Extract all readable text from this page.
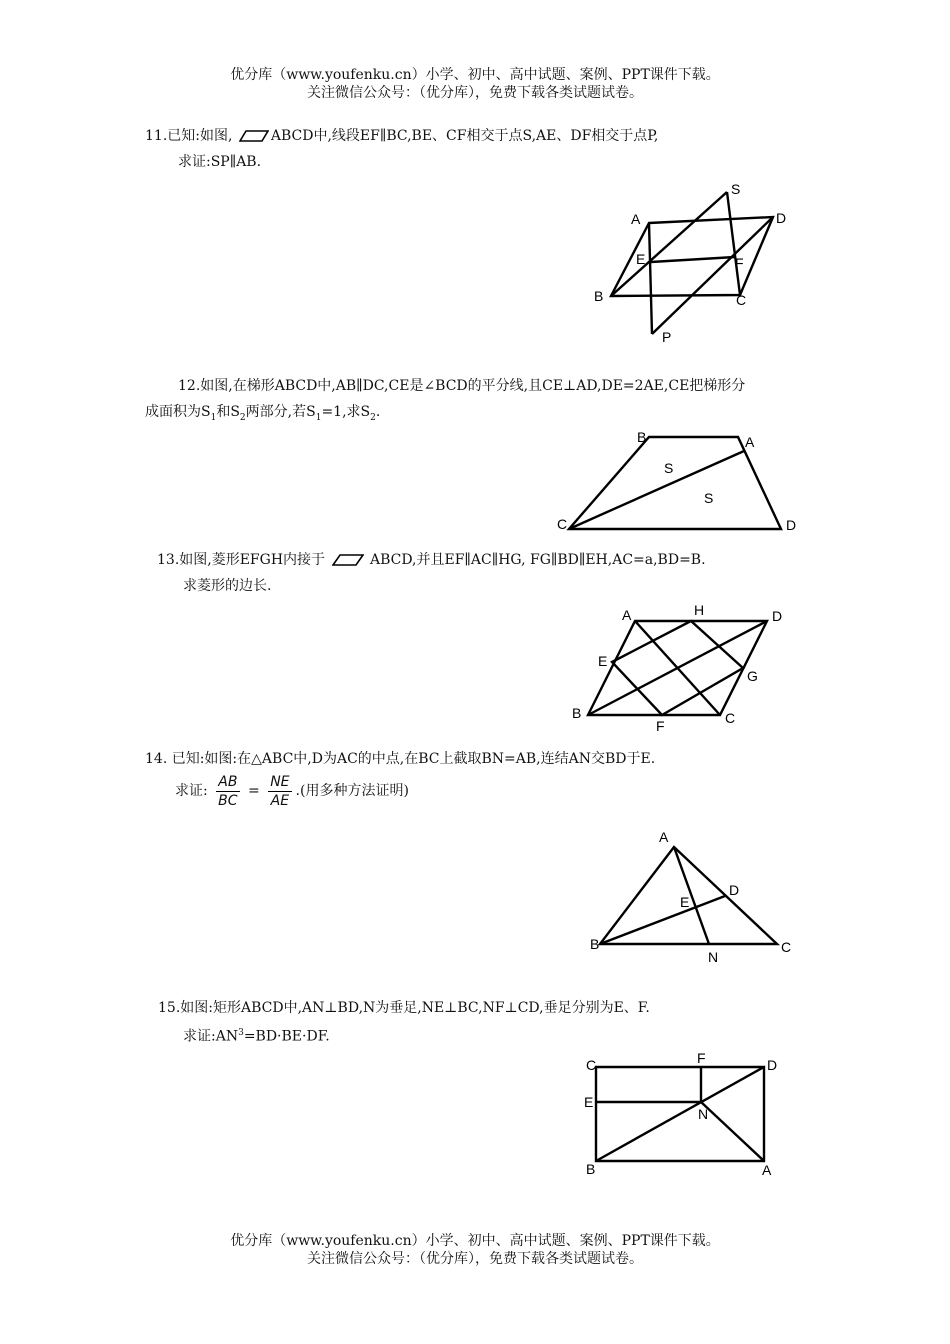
优分库（www.youfenku.cn）小学、初中、高中试题、案例、PPT课件下载。
关注微信公众号：（优分库），免费下载各类试题试卷。
11.已知:如图,	ABCD中,线段EF∥BC,BE、CF相交于点S,AE、DF相交于点P,
求证:SP∥AB.
S
A	D
E	F
B	C
P
12.如图,在梯形ABCD中,AB∥DC,CE是∠BCD的平分线,且CE⊥AD,DE=2AE,CE把梯形分
成面积为$S_1$和$S_2$两部分,若$S_1=1$,求$S_2$.
B	A
S
S
C	D
13.如图,菱形EFGH内接于	ABCD,并且EF∥AC∥HG, FG∥BD∥EH,AC=a,BD=B.
求菱形的边长.
A	H	D
E
G
B
F	C
14. 已知:如图:在△ABC中,D为AC的中点,在BC上截取BN=AB,连结AN交BD于E.
求证: $\frac{AB}{BC} = \frac{NE}{AE}$ .(用多种方法证明)
A
D
E
B
N
C
15.如图:矩形ABCD中,AN⊥BD,N为垂足,NE⊥BC,NF⊥CD,垂足分别为E、F.
求证$:AN^3=BD\cdot BE\cdot DF$.
C	F	D
E
N
B	A
优分库（www.youfenku.cn）小学、初中、高中试题、案例、PPT课件下载。
关注微信公众号：（优分库），免费下载各类试题试卷。
